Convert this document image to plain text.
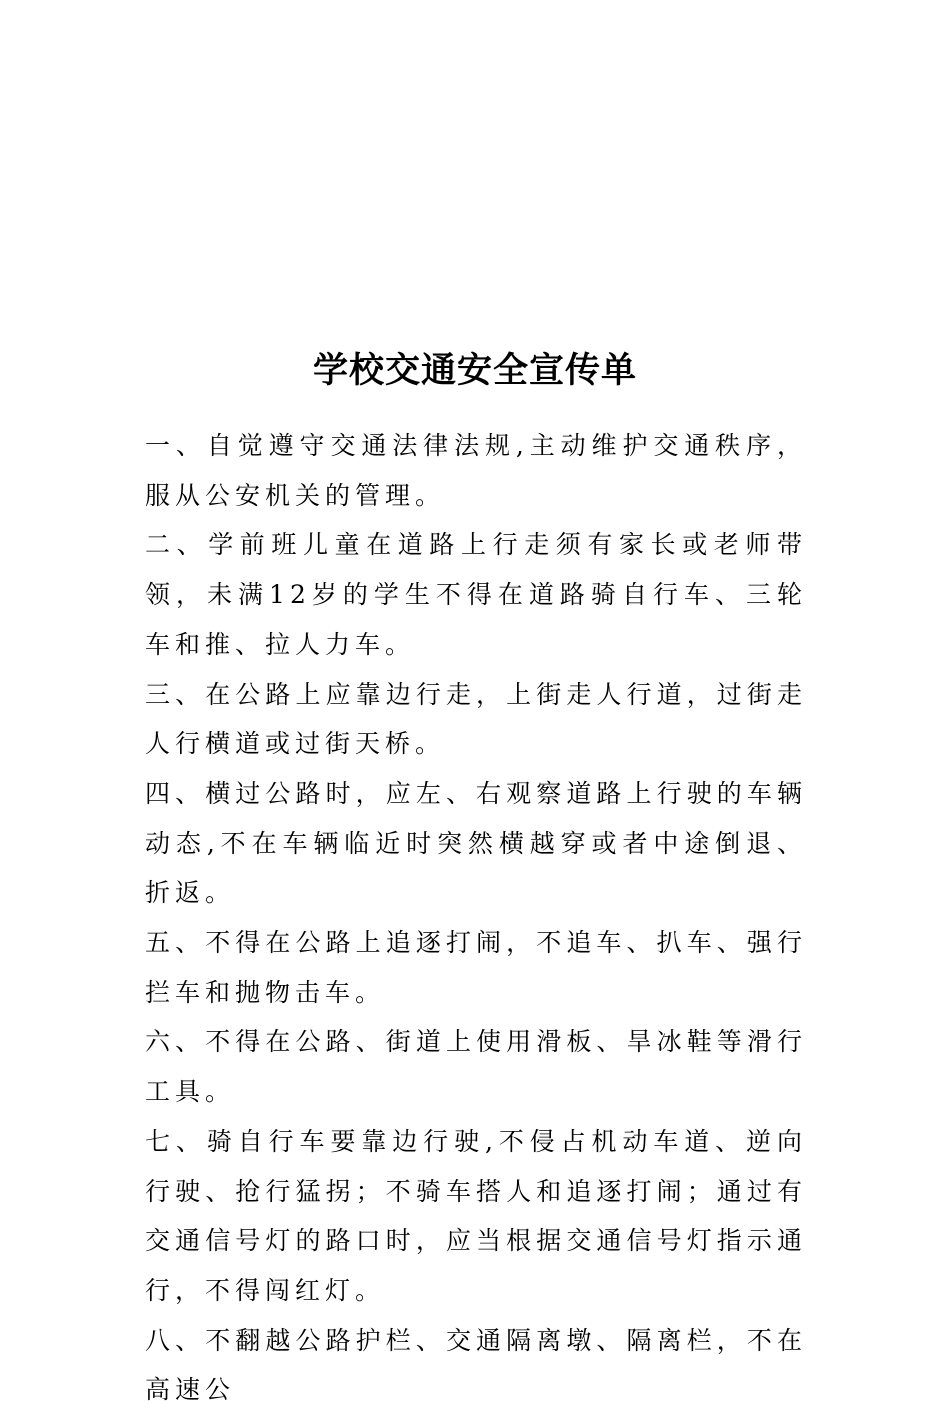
学校交通安全宣传单

一、自觉遵守交通法律法规,主动维护交通秩序，服从公安机关的管理。

二、学前班儿童在道路上行走须有家长或老师带领，未满12岁的学生不得在道路骑自行车、三轮车和推、拉人力车。

三、在公路上应靠边行走，上街走人行道，过街走人行横道或过街天桥。

四、横过公路时，应左、右观察道路上行驶的车辆动态,不在车辆临近时突然横越穿或者中途倒退、折返。

五、不得在公路上追逐打闹，不追车、扒车、强行拦车和抛物击车。

六、不得在公路、街道上使用滑板、旱冰鞋等滑行工具。

七、骑自行车要靠边行驶,不侵占机动车道、逆向行驶、抢行猛拐；不骑车搭人和追逐打闹；通过有交通信号灯的路口时，应当根据交通信号灯指示通行，不得闯红灯。

八、不翻越公路护栏、交通隔离墩、隔离栏，不在高速公
